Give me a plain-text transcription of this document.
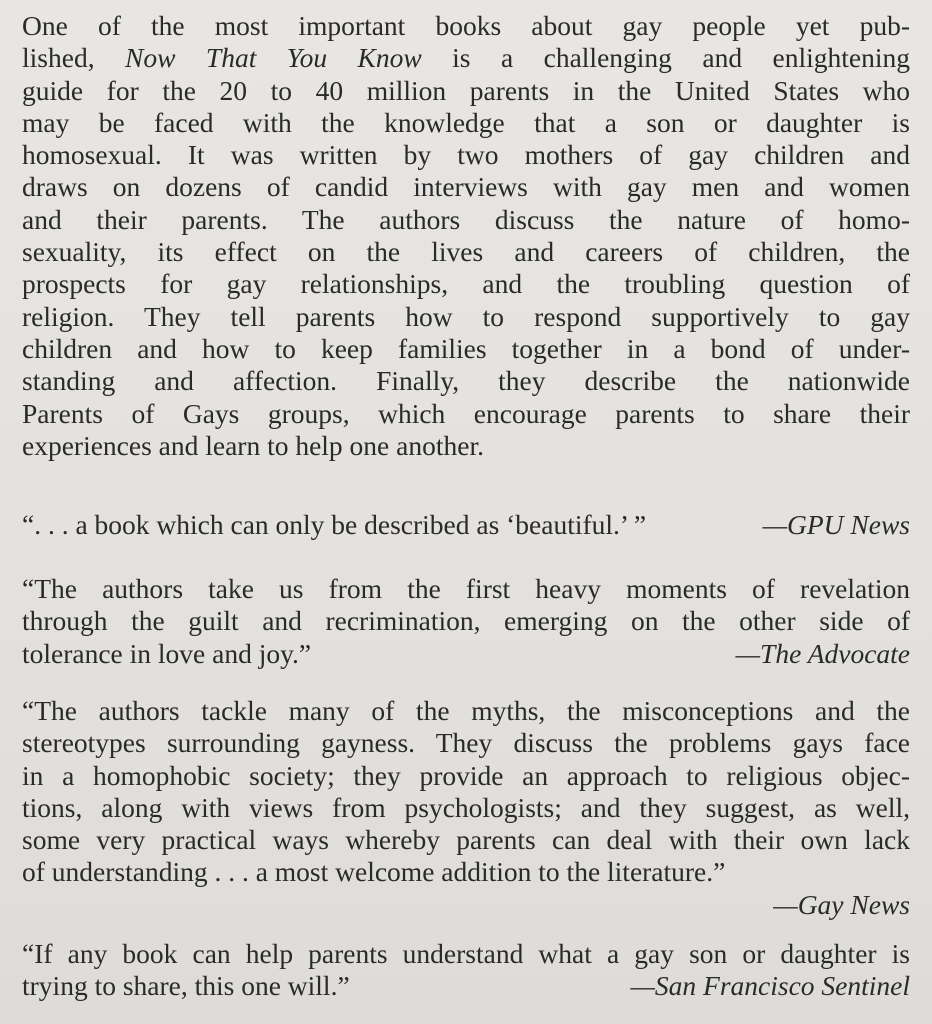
One of the most important books about gay people yet pub-
lished, Now That You Know is a challenging and enlightening
guide for the 20 to 40 million parents in the United States who
may be faced with the knowledge that a son or daughter is
homosexual. It was written by two mothers of gay children and
draws on dozens of candid interviews with gay men and women
and their parents. The authors discuss the nature of homo-
sexuality, its effect on the lives and careers of children, the
prospects for gay relationships, and the troubling question of
religion. They tell parents how to respond supportively to gay
children and how to keep families together in a bond of under-
standing and affection. Finally, they describe the nationwide
Parents of Gays groups, which encourage parents to share their
experiences and learn to help one another.
“. . . a book which can only be described as ‘beautiful.’ ”	—GPU News
“The authors take us from the first heavy moments of revelation
through the guilt and recrimination, emerging on the other side of
tolerance in love and joy.”	—The Advocate
“The authors tackle many of the myths, the misconceptions and the
stereotypes surrounding gayness. They discuss the problems gays face
in a homophobic society; they provide an approach to religious objec-
tions, along with views from psychologists; and they suggest, as well,
some very practical ways whereby parents can deal with their own lack
of understanding . . . a most welcome addition to the literature.”
—Gay News
“If any book can help parents understand what a gay son or daughter is
trying to share, this one will.”	—San Francisco Sentinel
